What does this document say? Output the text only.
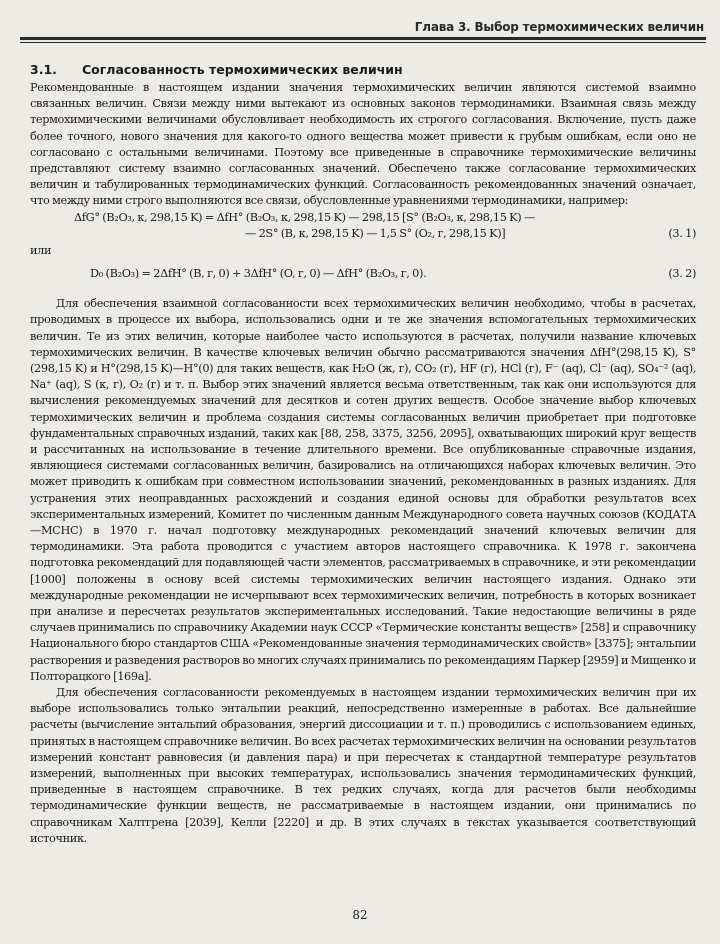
Глава 3. Выбор термохимических величин
3.1. Согласованность термохимических величин

Рекомендованные в настоящем издании значения термохимических величин являются системой взаимно связанных величин. Связи между ними вытекают из основных законов термодинамики. Взаимная связь между термохимическими величинами обусловливает необходимость их строгого согласования. Включение, пусть даже более точного, нового значения для какого-то одного вещества может привести к грубым ошибкам, если оно не согласовано с остальными величинами. Поэтому все приведенные в справочнике термохимические величины представляют систему взаимно согласованных значений. Обеспечено также согласование термохимических величин и табулированных термодинамических функций. Согласованность рекомендованных значений означает, что между ними строго выполняются все связи, обусловленные уравнениями термодинамики, например:

ΔfG° (B₂O₃, к, 298,15 K) = ΔfH° (B₂O₃, к, 298,15 K) — 298,15 [S° (B₂O₃, к, 298,15 K) —
— 2S° (B, к, 298,15 K) — 1,5 S° (O₂, г, 298,15 K)]	(3. 1)
или
D₀ (B₂O₃) = 2ΔfH° (B, г, 0) + 3ΔfH° (O, г, 0) — ΔfH° (B₂O₃, г, 0).	(3. 2)

Для обеспечения взаимной согласованности всех термохимических величин необходимо, чтобы в расчетах, проводимых в процессе их выбора, использовались одни и те же значения вспомогательных термохимических величин. Те из этих величин, которые наиболее часто используются в расчетах, получили название ключевых термохимических величин. В качестве ключевых величин обычно рассматриваются значения ΔfH°(298,15 K), S°(298,15 K) и H°(298,15 K)—H°(0) для таких веществ, как H₂O (ж, г), CO₂ (г), HF (г), HCl (г), F⁻ (aq), Cl⁻ (aq), SO₄⁻² (aq), Na⁺ (aq), S (к, г), O₂ (г) и т. п. Выбор этих значений является весьма ответственным, так как они используются для вычисления рекомендуемых значений для десятков и сотен других веществ. Особое значение выбор ключевых термохимических величин и проблема создания системы согласованных величин приобретает при подготовке фундаментальных справочных изданий, таких как [88, 258, 3375, 3256, 2095], охватывающих широкий круг веществ и рассчитанных на использование в течение длительного времени. Все опубликованные справочные издания, являющиеся системами согласованных величин, базировались на отличающихся наборах ключевых величин. Это может приводить к ошибкам при совместном использовании значений, рекомендованных в разных изданиях. Для устранения этих неоправданных расхождений и создания единой основы для обработки результатов всех экспериментальных измерений, Комитет по численным данным Международного совета научных союзов (КОДАТА—МСНС) в 1970 г. начал подготовку международных рекомендаций значений ключевых величин для термодинамики. Эта работа проводится с участием авторов настоящего справочника. К 1978 г. закончена подготовка рекомендаций для подавляющей части элементов, рассматриваемых в справочнике, и эти рекомендации [1000] положены в основу всей системы термохимических величин настоящего издания. Однако эти международные рекомендации не исчерпывают всех термохимических величин, потребность в которых возникает при анализе и пересчетах результатов экспериментальных исследований. Такие недостающие величины в ряде случаев принимались по справочнику Академии наук СССР «Термические константы веществ» [258] и справочнику Национального бюро стандартов США «Рекомендованные значения термодинамических свойств» [3375]; энтальпии растворения и разведения растворов во многих случаях принимались по рекомендациям Паркер [2959] и Мищенко и Полторацкого [169а].

Для обеспечения согласованности рекомендуемых в настоящем издании термохимических величин при их выборе использовались только энтальпии реакций, непосредственно измеренные в работах. Все дальнейшие расчеты (вычисление энтальпий образования, энергий диссоциации и т. п.) проводились с использованием единых, принятых в настоящем справочнике величин. Во всех расчетах термохимических величин на основании результатов измерений констант равновесия (и давления пара) и при пересчетах к стандартной температуре результатов измерений, выполненных при высоких температурах, использовались значения термодинамических функций, приведенные в настоящем справочнике. В тех редких случаях, когда для расчетов были необходимы термодинамические функции веществ, не рассматриваемые в настоящем издании, они принимались по справочникам Халтгрена [2039], Келли [2220] и др. В этих случаях в текстах указывается соответствующий источник.

82
